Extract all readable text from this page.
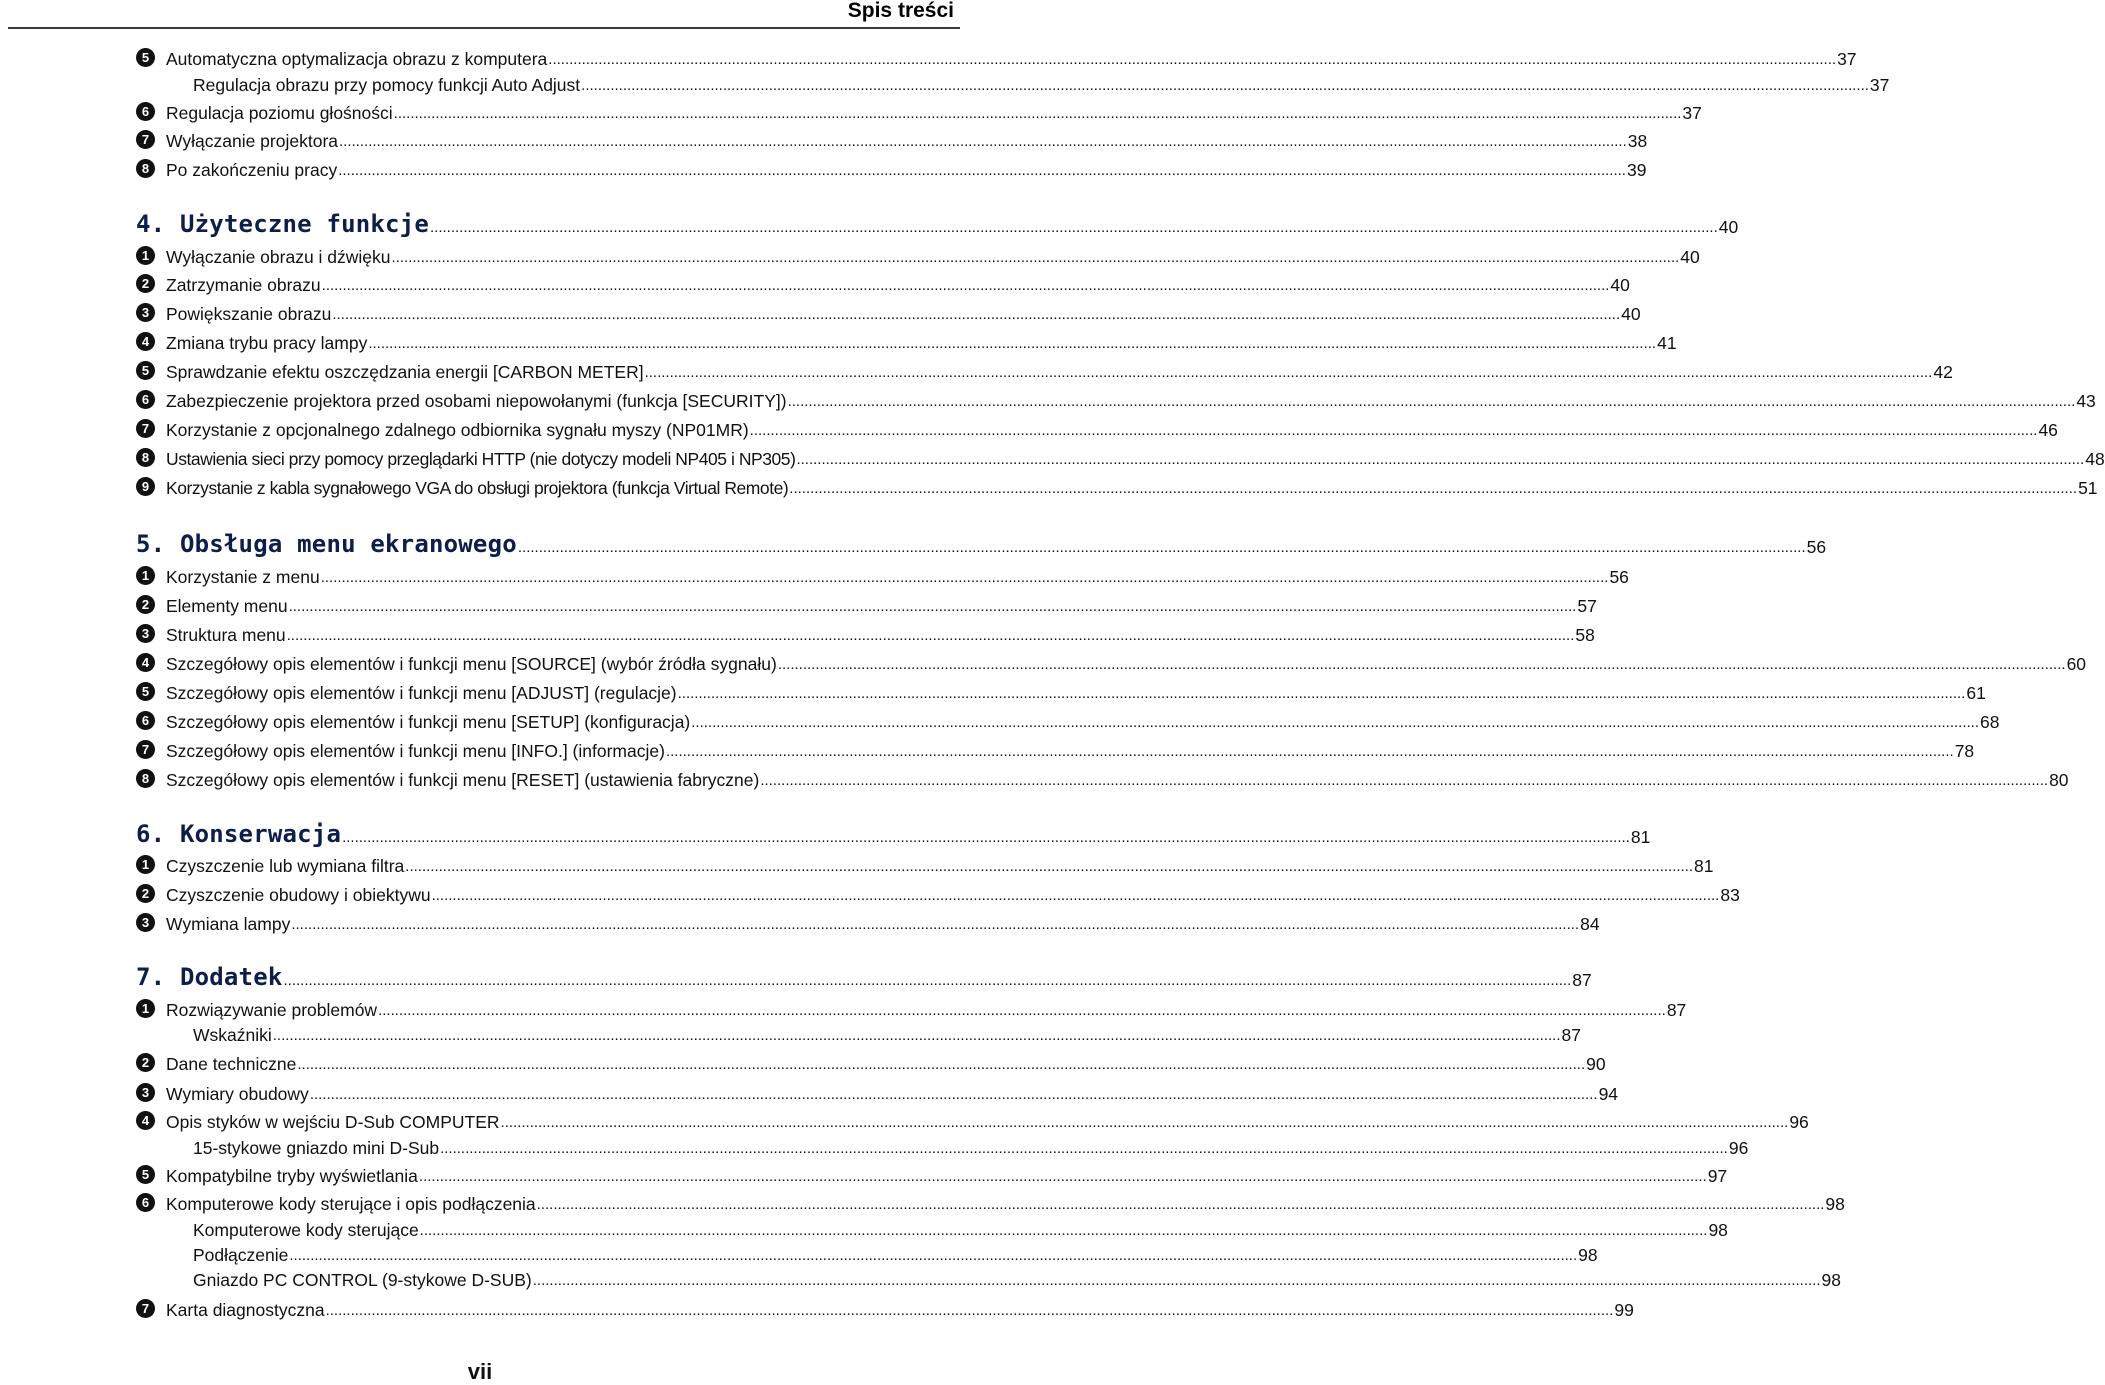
Spis treści
5 Automatyczna optymalizacja obrazu z komputera .....	37
Regulacja obrazu przy pomocy funkcji Auto Adjust .....	37
6 Regulacja poziomu głośności .....	37
7 Wyłączanie projektora .....	38
8 Po zakończeniu pracy .....	39
4. Użyteczne funkcje .....	40
1 Wyłączanie obrazu i dźwięku .....	40
2 Zatrzymanie obrazu .....	40
3 Powiększanie obrazu .....	40
4 Zmiana trybu pracy lampy .....	41
5 Sprawdzanie efektu oszczędzania energii [CARBON METER] .....	42
6 Zabezpieczenie projektora przed osobami niepowołanymi (funkcja [SECURITY]) .....	43
7 Korzystanie z opcjonalnego zdalnego odbiornika sygnału myszy (NP01MR) .....	46
8 Ustawienia sieci przy pomocy przeglądarki HTTP (nie dotyczy modeli NP405 i NP305) .....	48
9 Korzystanie z kabla sygnałowego VGA do obsługi projektora (funkcja Virtual Remote) .....	51
5. Obsługa menu ekranowego .....	56
1 Korzystanie z menu .....	56
2 Elementy menu .....	57
3 Struktura menu .....	58
4 Szczegółowy opis elementów i funkcji menu [SOURCE] (wybór źródła sygnału) .....	60
5 Szczegółowy opis elementów i funkcji menu [ADJUST] (regulacje) .....	61
6 Szczegółowy opis elementów i funkcji menu [SETUP] (konfiguracja) .....	68
7 Szczegółowy opis elementów i funkcji menu [INFO.] (informacje) .....	78
8 Szczegółowy opis elementów i funkcji menu [RESET] (ustawienia fabryczne) .....	80
6. Konserwacja .....	81
1 Czyszczenie lub wymiana filtra .....	81
2 Czyszczenie obudowy i obiektywu .....	83
3 Wymiana lampy .....	84
7. Dodatek .....	87
1 Rozwiązywanie problemów .....	87
Wskaźniki .....	87
2 Dane techniczne .....	90
3 Wymiary obudowy .....	94
4 Opis styków w wejściu D-Sub COMPUTER .....	96
15-stykowe gniazdo mini D-Sub .....	96
5 Kompatybilne tryby wyświetlania .....	97
6 Komputerowe kody sterujące i opis podłączenia .....	98
Komputerowe kody sterujące .....	98
Podłączenie .....	98
Gniazdo PC CONTROL (9-stykowe D-SUB) .....	98
7 Karta diagnostyczna .....	99
vii
